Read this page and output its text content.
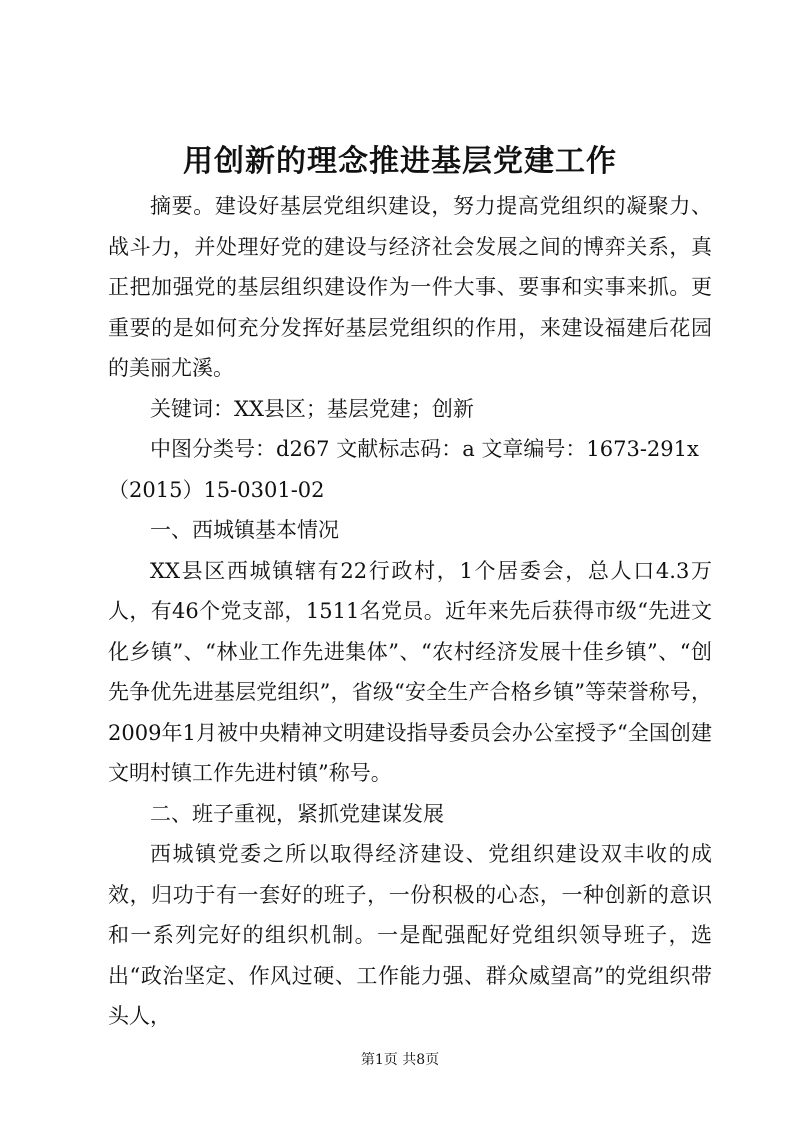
用创新的理念推进基层党建工作

摘要。建设好基层党组织建设，努力提高党组织的凝聚力、战斗力，并处理好党的建设与经济社会发展之间的博弈关系，真正把加强党的基层组织建设作为一件大事、要事和实事来抓。更重要的是如何充分发挥好基层党组织的作用，来建设福建后花园的美丽尤溪。

关键词：XX县区；基层党建；创新

中图分类号：d267 文献标志码：a 文章编号：1673-291x

（2015）15-0301-02

一、西城镇基本情况

XX县区西城镇辖有22行政村，1个居委会，总人口4.3万人，有46个党支部，1511名党员。近年来先后获得市级“先进文化乡镇”、“林业工作先进集体”、“农村经济发展十佳乡镇”、“创先争优先进基层党组织”，省级“安全生产合格乡镇”等荣誉称号，2009年1月被中央精神文明建设指导委员会办公室授予“全国创建文明村镇工作先进村镇”称号。

二、班子重视，紧抓党建谋发展

西城镇党委之所以取得经济建设、党组织建设双丰收的成效，归功于有一套好的班子，一份积极的心态，一种创新的意识和一系列完好的组织机制。一是配强配好党组织领导班子，选出“政治坚定、作风过硬、工作能力强、群众威望高”的党组织带头人，

第1页 共8页
